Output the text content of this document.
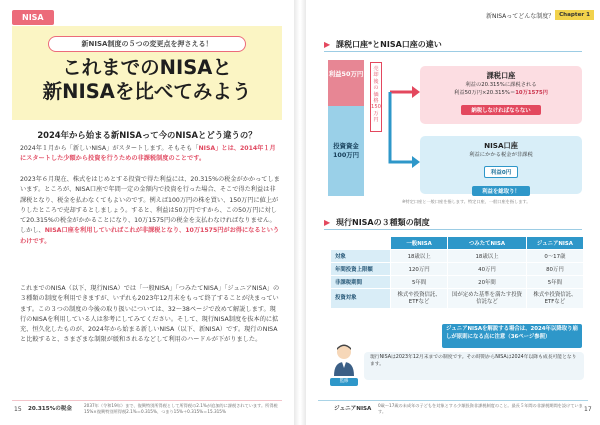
NISA
新NISA制度の５つの変更点を押さえる！
これまでのNISAと
新NISAを比べてみよう
2024年から始まる新NISAって今のNISAとどう違うの？
2024年１月から「新しいNISA」がスタートします。そもそも「NISA」とは、2014年１月にスタートした少額から投資を行うための非課税制度のことです。
2023年６月現在、株式をはじめとする投資で得た利益には、20.315%の税金がかかってしまいます。ところが、NISA口座で年間一定の金額内で投資を行った場合、そこで得た利益は非課税となり、税金を払わなくてもよいのです。例えば100万円の株を買い、150万円に値上がりしたところで売却するとしましょう。すると、利益は50万円ですから、この50万円に対して20.315%の税金がかかることになり、10万1575円の税金を支払わなければなりません。しかし、NISA口座を利用していればこれが非課税となり、10万1575円がお得になるというわけです。
これまでのNISA（以下、現行NISA）では「一般NISA」「つみたてNISA」「ジュニアNISA」の３種類の制度を利用できますが、いずれも2023年12月末をもって終了することが決まっています。この３つの制度の今後の取り扱いについては、32〜38ページで改めて解説します。現行のNISAを利用している人は参考にしてみてください。そして、現行NISA制度を抜本的に拡充、恒久化したものが、2024年から始まる新しいNISA（以下、新NISA）です。現行のNISAと比較すると、さまざまな制限が緩和されるなどして利用のハードルが下がりました。
20.315%の税金
2037年（令和19年）まで、復興特別所得税として所得税の2.1%が追加的に課税されています。所得税15%×復興特別所得税2.1%＝0.315%、つまり15%＋0.315%＝15.315%
15
新NISAってどんな制度？ Chapter 1
▶ 課税口座*とNISA口座の違い
利益50万円
投資資金100万円
売却後の価格150万円
課税口座
利益の20.315%に課税される
利益50万円×20.315%＝10万1575円
納税しなければならない
NISA口座
利益にかかる税金が非課税
利益0円
利益を総取り！
※特定口座と一般口座を指します。特定口座、一般口座を指します。
▶ 現行NISAの３種類の制度
	一般NISA	つみたてNISA	ジュニアNISA
対象	18歳以上	18歳以上	0〜17歳
年間投資上限額	120万円	40万円	80万円
非課税期間	5年間	20年間	5年間
投資対象	株式や投資信託、ETFなど	国が定めた基準を満たす投資信託など	株式や投資信託、ETFなど
ジュニアNISAを解説する場合は、2024年以降取り崩しが原則になる点に注意（36ページ参照）
監修
現行NISAは2023年12月末までの制度です。その時期からNISAは2024年以降も成長可能となります。
ジュニアNISA
0歳〜17歳の未成年の子どもを対象とする少額投資非課税制度のこと。最長５年間の非課税期間を設けています。	17
